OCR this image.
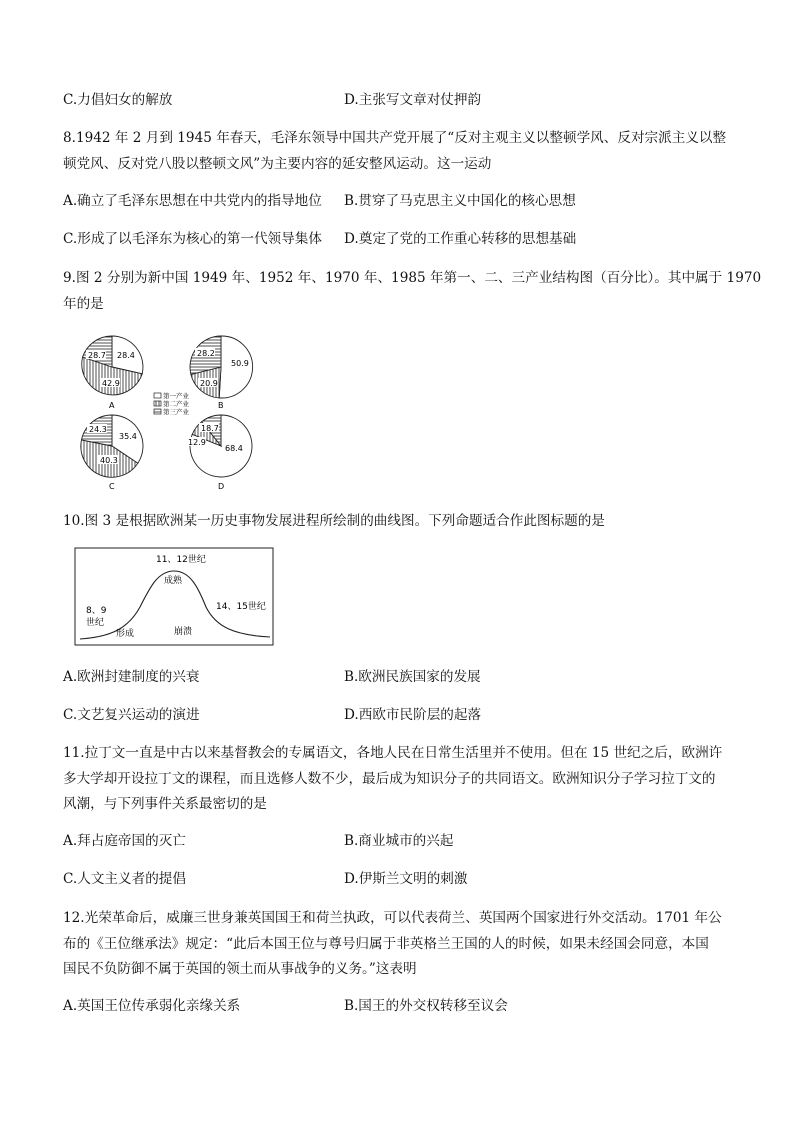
C.力倡妇女的解放	D.主张写文章对仗押韵
8.1942 年 2 月到 1945 年春天，毛泽东领导中国共产党开展了“反对主观主义以整顿学风、反对宗派主义以整
顿党风、反对党八股以整顿文风”为主要内容的延安整风运动。这一运动
A.确立了毛泽东思想在中共党内的指导地位 B.贯穿了马克思主义中国化的核心思想
C.形成了以毛泽东为核心的第一代领导集体 D.奠定了党的工作重心转移的思想基础
9.图 2 分别为新中国 1949 年、1952 年、1970 年、1985 年第一、二、三产业结构图（百分比）。其中属于 1970
年的是
28.7 28.4
42.9
A
28.2
50.9
20.9
B
第一产业
第二产业
第三产业
24.3
35.4
40.3
C
18.7
12.9
68.4
D
10.图 3 是根据欧洲某一历史事物发展进程所绘制的曲线图。下列命题适合作此图标题的是
11、12世纪
成熟
8、9
世纪
14、15世纪
形成	崩溃
A.欧洲封建制度的兴衰	B.欧洲民族国家的发展
C.文艺复兴运动的演进	D.西欧市民阶层的起落
11.拉丁文一直是中古以来基督教会的专属语文，各地人民在日常生活里并不使用。但在 15 世纪之后，欧洲许
多大学却开设拉丁文的课程，而且选修人数不少，最后成为知识分子的共同语文。欧洲知识分子学习拉丁文的
风潮，与下列事件关系最密切的是
A.拜占庭帝国的灭亡	B.商业城市的兴起
C.人文主义者的提倡	D.伊斯兰文明的刺激
12.光荣革命后，威廉三世身兼英国国王和荷兰执政，可以代表荷兰、英国两个国家进行外交活动。1701 年公
布的《王位继承法》规定：“此后本国王位与尊号归属于非英格兰王国的人的时候，如果未经国会同意，本国
国民不负防御不属于英国的领土而从事战争的义务。”这表明
A.英国王位传承弱化亲缘关系	B.国王的外交权转移至议会
